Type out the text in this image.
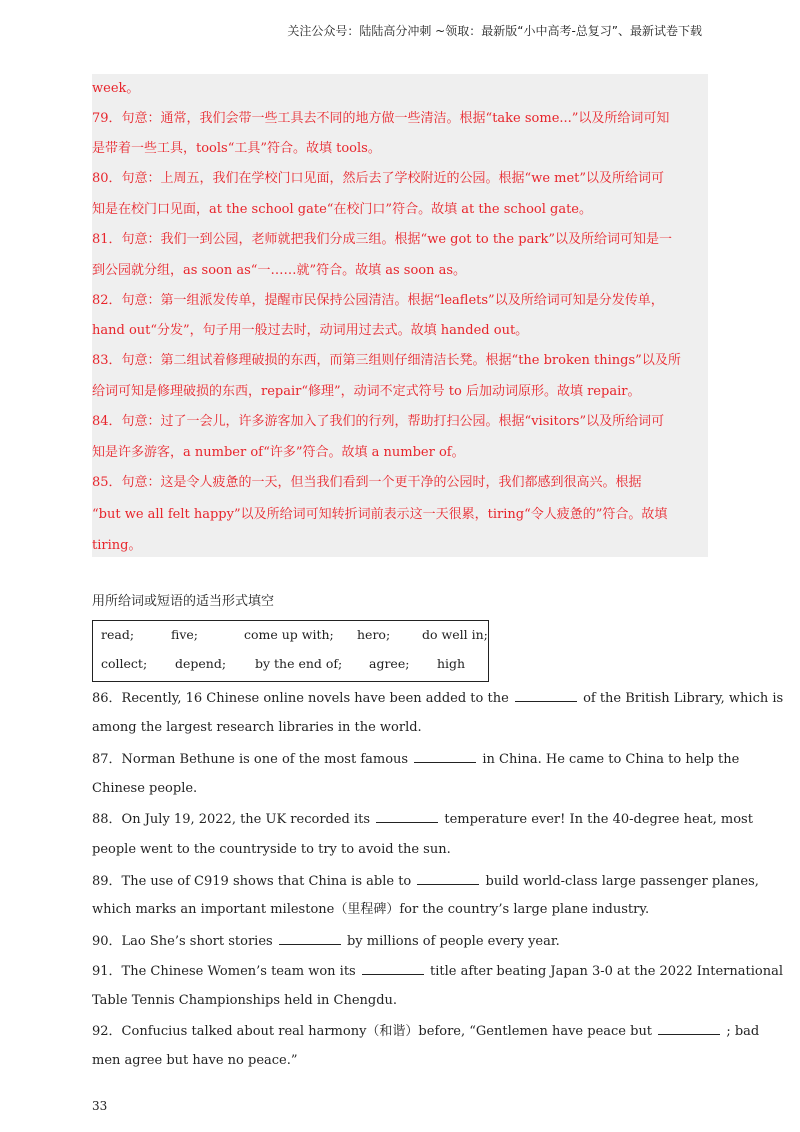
关注公众号：陆陆高分冲刺 ~领取：最新版“小中高考-总复习”、最新试卷下载
week。
79．句意：通常，我们会带一些工具去不同的地方做一些清洁。根据“take some...”以及所给词可知
是带着一些工具，tools“工具”符合。故填 tools。
80．句意：上周五，我们在学校门口见面，然后去了学校附近的公园。根据“we met”以及所给词可
知是在校门口见面，at the school gate“在校门口”符合。故填 at the school gate。
81．句意：我们一到公园，老师就把我们分成三组。根据“we got to the park”以及所给词可知是一
到公园就分组，as soon as“一……就”符合。故填 as soon as。
82．句意：第一组派发传单，提醒市民保持公园清洁。根据“leaflets”以及所给词可知是分发传单，
hand out“分发”，句子用一般过去时，动词用过去式。故填 handed out。
83．句意：第二组试着修理破损的东西，而第三组则仔细清洁长凳。根据“the broken things”以及所
给词可知是修理破损的东西，repair“修理”，动词不定式符号 to 后加动词原形。故填 repair。
84．句意：过了一会儿，许多游客加入了我们的行列，帮助打扫公园。根据“visitors”以及所给词可
知是许多游客，a number of“许多”符合。故填 a number of。
85．句意：这是令人疲惫的一天，但当我们看到一个更干净的公园时，我们都感到很高兴。根据
“but we all felt happy”以及所给词可知转折词前表示这一天很累，tiring“令人疲惫的”符合。故填
tiring。
用所给词或短语的适当形式填空
read;	five;	come up with; hero;	do well in;
collect; depend; by the end of; agree; high
86．Recently, 16 Chinese online novels have been added to the	of the British Library, which is
among the largest research libraries in the world.
87．Norman Bethune is one of the most famous	in China. He came to China to help the
Chinese people.
88．On July 19, 2022, the UK recorded its	temperature ever! In the 40-degree heat, most
people went to the countryside to try to avoid the sun.
89．The use of C919 shows that China is able to	build world-class large passenger planes,
which marks an important milestone（里程碑）for the country’s large plane industry.
90．Lao She’s short stories	by millions of people every year.
91．The Chinese Women’s team won its	title after beating Japan 3-0 at the 2022 International
Table Tennis Championships held in Chengdu.
92．Confucius talked about real harmony（和谐）before, “Gentlemen have peace but	; bad
men agree but have no peace.”
33
